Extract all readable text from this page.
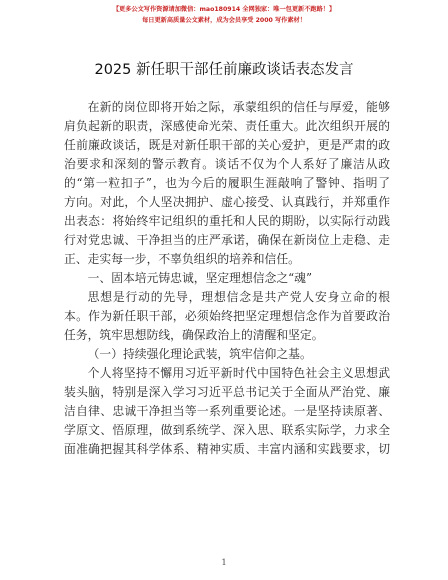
【更多公文写作资源请加微信：mao180914 全网独家：唯一包更新不跑路！】
每日更新高质量公文素材，成为会员享受 2000 写作素材！
2025 新任职干部任前廉政谈话表态发言

在新的岗位即将开始之际，承蒙组织的信任与厚爱，能够
肩负起新的职责，深感使命光荣、责任重大。此次组织开展的
任前廉政谈话，既是对新任职干部的关心爱护，更是严肃的政
治要求和深刻的警示教育。谈话不仅为个人系好了廉洁从政
的“第一粒扣子”，也为今后的履职生涯敲响了警钟、指明了
方向。对此，个人坚决拥护、虚心接受、认真践行，并郑重作
出表态：将始终牢记组织的重托和人民的期盼，以实际行动践
行对党忠诚、干净担当的庄严承诺，确保在新岗位上走稳、走
正、走实每一步，不辜负组织的培养和信任。

一、固本培元铸忠诚，坚定理想信念之“魂”

思想是行动的先导，理想信念是共产党人安身立命的根
本。作为新任职干部，必须始终把坚定理想信念作为首要政治
任务，筑牢思想防线，确保政治上的清醒和坚定。

（一）持续强化理论武装，筑牢信仰之基。

个人将坚持不懈用习近平新时代中国特色社会主义思想武
装头脑，特别是深入学习习近平总书记关于全面从严治党、廉
洁自律、忠诚干净担当等一系列重要论述。一是坚持读原著、
学原文、悟原理，做到系统学、深入思、联系实际学，力求全
面准确把握其科学体系、精神实质、丰富内涵和实践要求，切

1
